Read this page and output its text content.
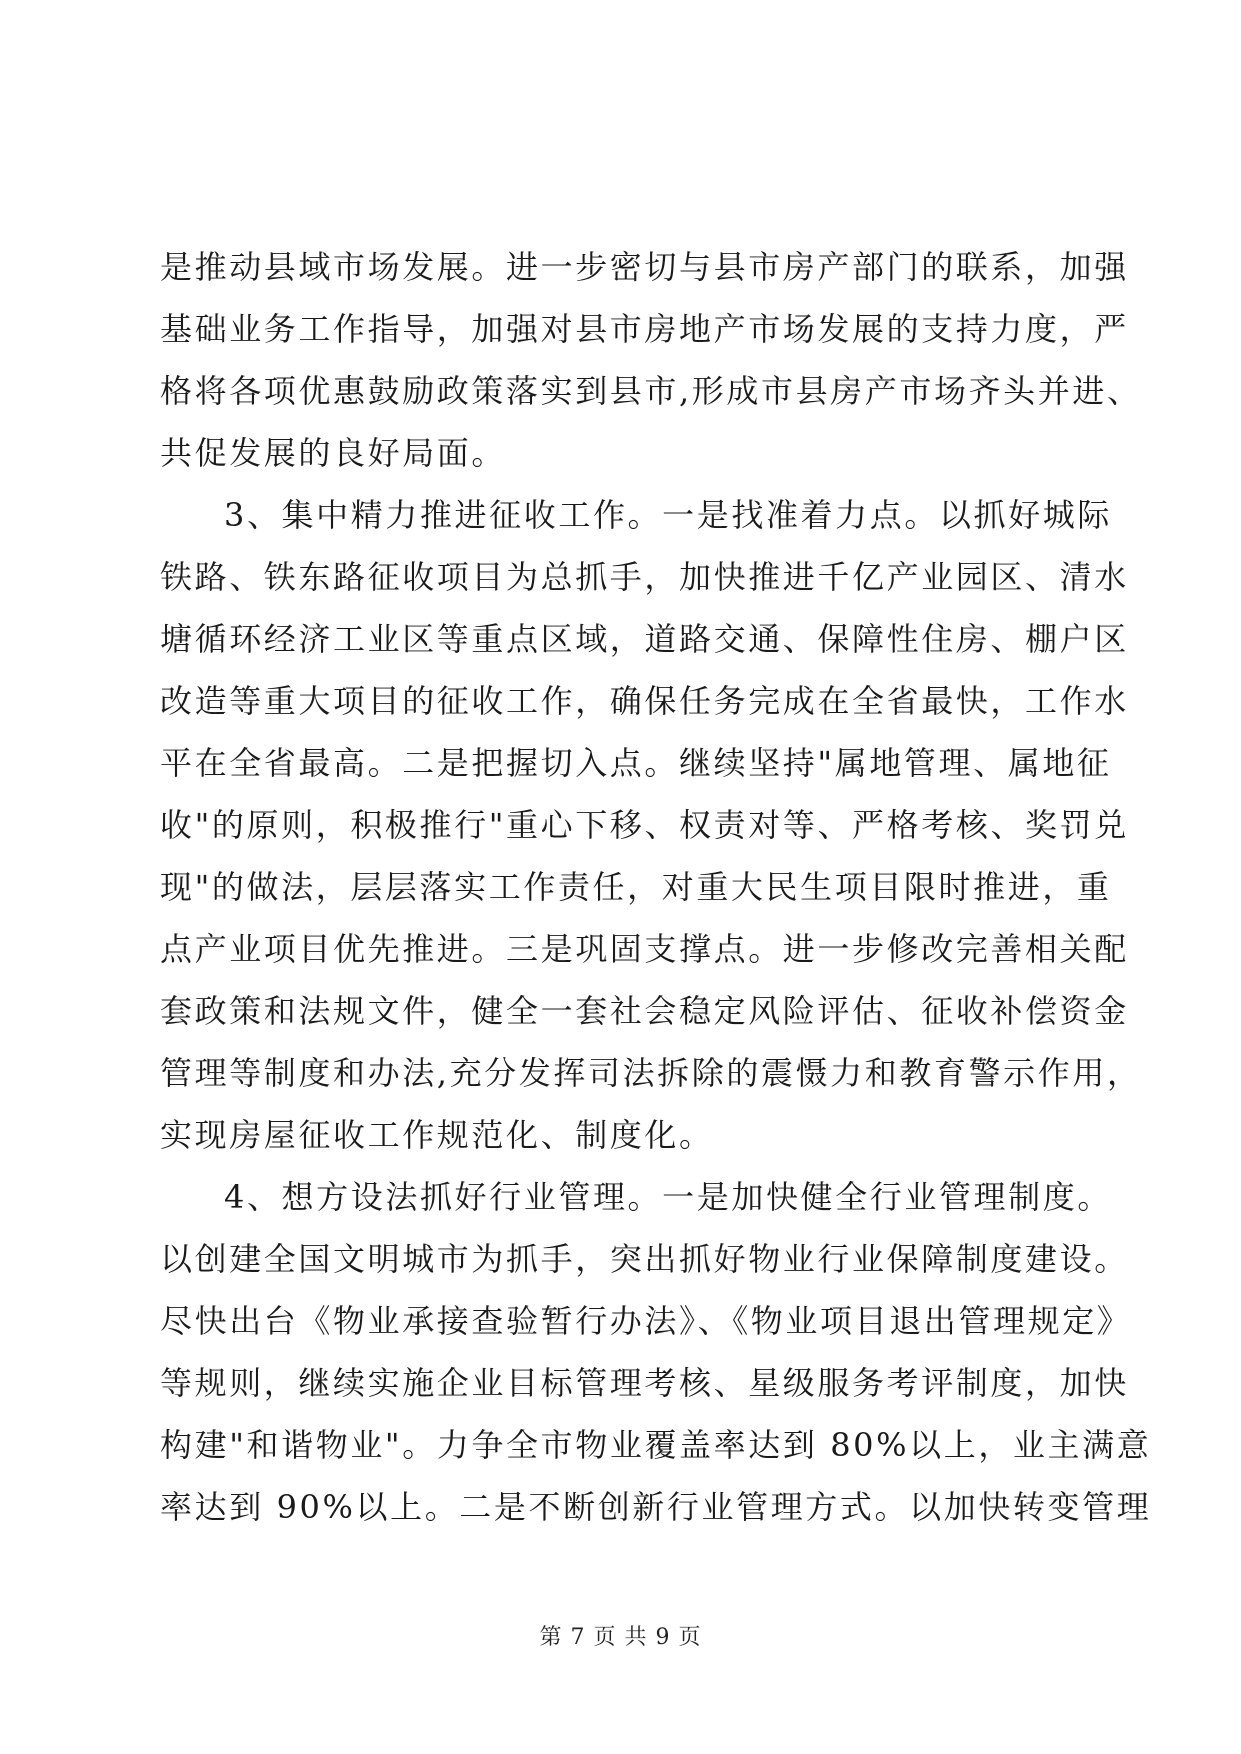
是推动县域市场发展。进一步密切与县市房产部门的联系，加强
基础业务工作指导，加强对县市房地产市场发展的支持力度，严
格将各项优惠鼓励政策落实到县市,形成市县房产市场齐头并进、
共促发展的良好局面。
3、集中精力推进征收工作。一是找准着力点。以抓好城际
铁路、铁东路征收项目为总抓手，加快推进千亿产业园区、清水
塘循环经济工业区等重点区域，道路交通、保障性住房、棚户区
改造等重大项目的征收工作，确保任务完成在全省最快，工作水
平在全省最高。二是把握切入点。继续坚持"属地管理、属地征
收"的原则，积极推行"重心下移、权责对等、严格考核、奖罚兑
现"的做法，层层落实工作责任，对重大民生项目限时推进，重
点产业项目优先推进。三是巩固支撑点。进一步修改完善相关配
套政策和法规文件，健全一套社会稳定风险评估、征收补偿资金
管理等制度和办法,充分发挥司法拆除的震慑力和教育警示作用，
实现房屋征收工作规范化、制度化。
4、想方设法抓好行业管理。一是加快健全行业管理制度。
以创建全国文明城市为抓手，突出抓好物业行业保障制度建设。
尽快出台《物业承接查验暂行办法》、《物业项目退出管理规定》
等规则，继续实施企业目标管理考核、星级服务考评制度，加快
构建"和谐物业"。力争全市物业覆盖率达到 80%以上，业主满意
率达到 90%以上。二是不断创新行业管理方式。以加快转变管理
第 7 页 共 9 页
